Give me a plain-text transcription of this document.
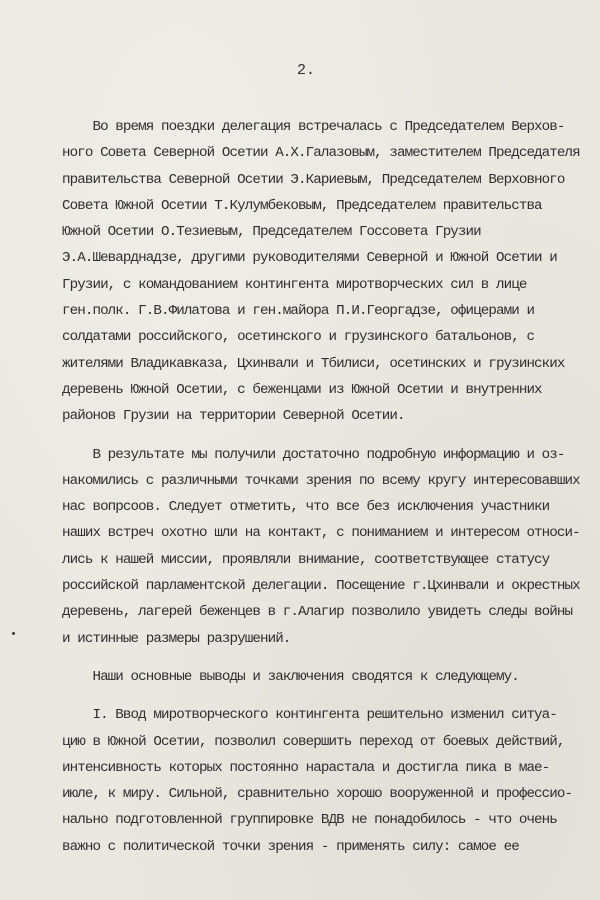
2.
Во время поездки делегация встречалась с Председателем Верхов-
ного Совета Северной Осетии А.Х.Галазовым, заместителем Председателя
правительства Северной Осетии Э.Кариевым, Председателем Верховного
Совета Южной Осетии Т.Кулумбековым, Председателем правительства
Южной Осетии О.Тезиевым, Председателем Госсовета Грузии
Э.А.Шеварднадзе, другими руководителями Северной и Южной Осетии и
Грузии, с командованием контингента миротворческих сил в лице
ген.полк. Г.В.Филатова и ген.майора П.И.Георгадзе, офицерами и
солдатами российского, осетинского и грузинского батальонов, с
жителями Владикавказа, Цхинвали и Тбилиси, осетинских и грузинских
деревень Южной Осетии, с беженцами из Южной Осетии и внутренних
районов Грузии на территории Северной Осетии.
В результате мы получили достаточно подробную информацию и оз-
накомились с различными точками зрения по всему кругу интересовавших
нас вопрсоов. Следует отметить, что все без исключения участники
наших встреч охотно шли на контакт, с пониманием и интересом относи-
лись к нашей миссии, проявляли внимание, соответствующее статусу
российской парламентской делегации. Посещение г.Цхинвали и окрестных
деревень, лагерей беженцев в г.Алагир позволило увидеть следы войны
и истинные размеры разрушений.
Наши основные выводы и заключения сводятся к следующему.
I. Ввод миротворческого контингента решительно изменил ситуа-
цию в Южной Осетии, позволил совершить переход от боевых действий,
интенсивность которых постоянно нарастала и достигла пика в мае-
июле, к миру. Сильной, сравнительно хорошо вооруженной и профессио-
нально подготовленной группировке ВДВ не понадобилось - что очень
важно с политической точки зрения - применять силу: самое ее
